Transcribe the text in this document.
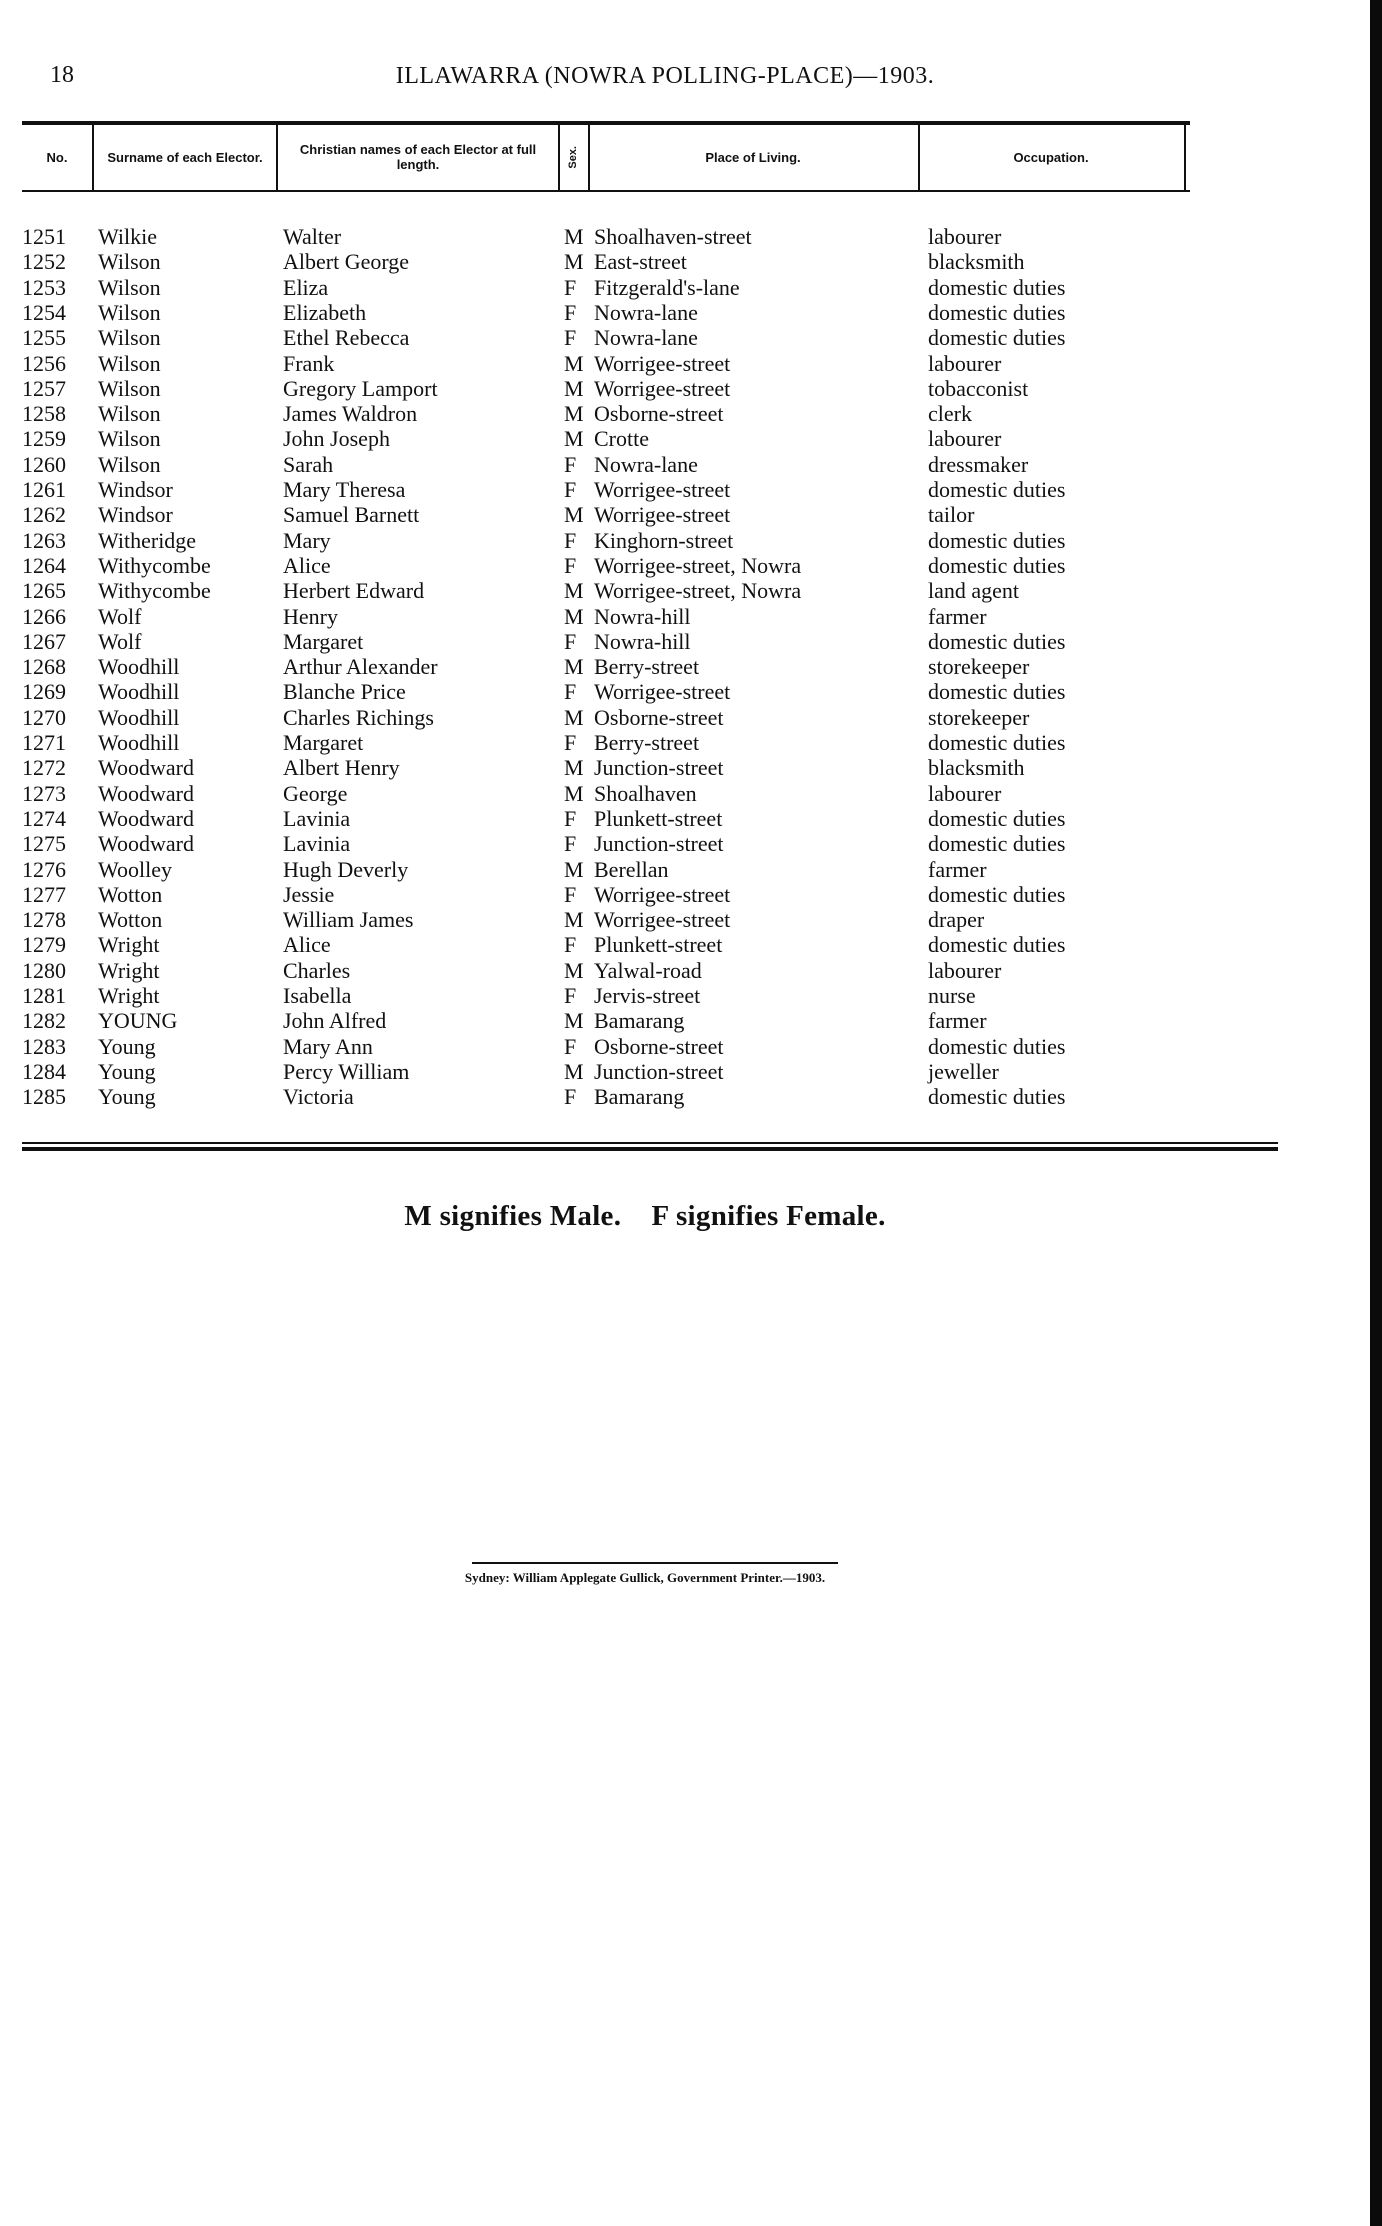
18	ILLAWARRA (NOWRA POLLING-PLACE)—1903.
No.	Surname of each Elector.	Christian names of each Elector at full length.	Sex.	Place of Living.	Occupation.
1251	Wilkie	Walter	M Shoalhaven-street	labourer
1252	Wilson	Albert George	M East-street	blacksmith
1253	Wilson	Eliza	F Fitzgerald's-lane	domestic duties
1254	Wilson	Elizabeth	F Nowra-lane	domestic duties
1255	Wilson	Ethel Rebecca	F Nowra-lane	domestic duties
1256	Wilson	Frank	M Worrigee-street	labourer
1257	Wilson	Gregory Lamport	M Worrigee-street	tobacconist
1258	Wilson	James Waldron	M Osborne-street	clerk
1259	Wilson	John Joseph	M Crotte	labourer
1260	Wilson	Sarah	F Nowra-lane	dressmaker
1261	Windsor	Mary Theresa	F Worrigee-street	domestic duties
1262	Windsor	Samuel Barnett	M Worrigee-street	tailor
1263	Witheridge	Mary	F Kinghorn-street	domestic duties
1264	Withycombe	Alice	F Worrigee-street, Nowra	domestic duties
1265	Withycombe	Herbert Edward	M Worrigee-street, Nowra	land agent
1266	Wolf	Henry	M Nowra-hill	farmer
1267	Wolf	Margaret	F Nowra-hill	domestic duties
1268	Woodhill	Arthur Alexander	M Berry-street	storekeeper
1269	Woodhill	Blanche Price	F Worrigee-street	domestic duties
1270	Woodhill	Charles Richings	M Osborne-street	storekeeper
1271	Woodhill	Margaret	F Berry-street	domestic duties
1272	Woodward	Albert Henry	M Junction-street	blacksmith
1273	Woodward	George	M Shoalhaven	labourer
1274	Woodward	Lavinia	F Plunkett-street	domestic duties
1275	Woodward	Lavinia	F Junction-street	domestic duties
1276	Woolley	Hugh Deverly	M Berellan	farmer
1277	Wotton	Jessie	F Worrigee-street	domestic duties
1278	Wotton	William James	M Worrigee-street	draper
1279	Wright	Alice	F Plunkett-street	domestic duties
1280	Wright	Charles	M Yalwal-road	labourer
1281	Wright	Isabella	F Jervis-street	nurse
1282	YOUNG	John Alfred	M Bamarang	farmer
1283	Young	Mary Ann	F Osborne-street	domestic duties
1284	Young	Percy William	M Junction-street	jeweller
1285	Young	Victoria	F Bamarang	domestic duties
M signifies Male.    F signifies Female.
Sydney: William Applegate Gullick, Government Printer.—1903.
